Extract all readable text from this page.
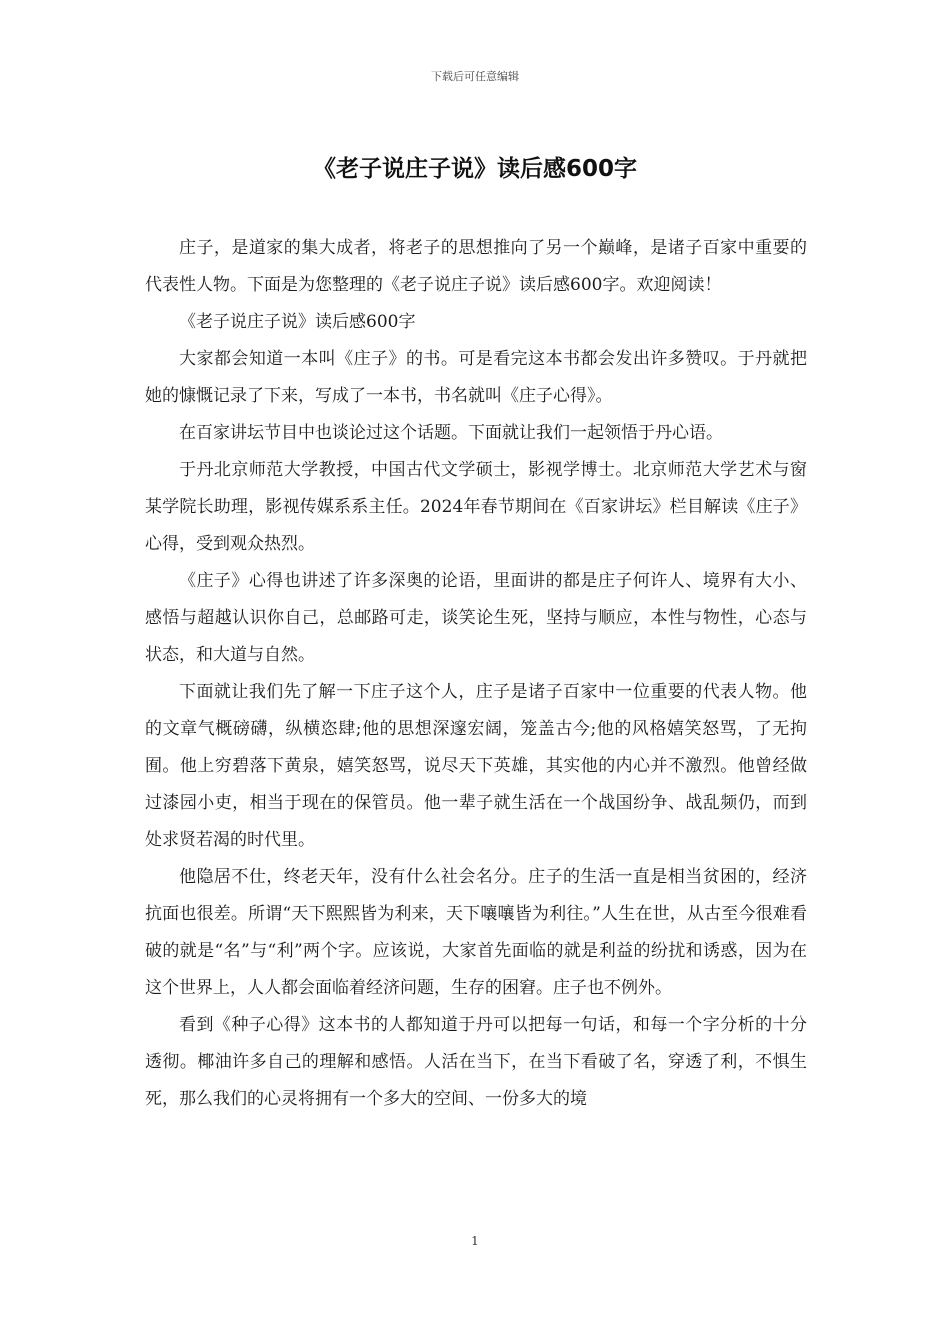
下载后可任意编辑
《老子说庄子说》读后感600字

庄子，是道家的集大成者，将老子的思想推向了另一个巅峰，是诸子百家中重要的代表性人物。下面是为您整理的《老子说庄子说》读后感600字。欢迎阅读！

《老子说庄子说》读后感600字

大家都会知道一本叫《庄子》的书。可是看完这本书都会发出许多赞叹。于丹就把她的慷慨记录了下来，写成了一本书，书名就叫《庄子心得》。

在百家讲坛节目中也谈论过这个话题。下面就让我们一起领悟于丹心语。

于丹北京师范大学教授，中国古代文学硕士，影视学博士。北京师范大学艺术与窗某学院长助理，影视传媒系系主任。2024年春节期间在《百家讲坛》栏目解读《庄子》心得，受到观众热烈。

《庄子》心得也讲述了许多深奥的论语，里面讲的都是庄子何许人、境界有大小、感悟与超越认识你自己，总邮路可走，谈笑论生死，坚持与顺应，本性与物性，心态与状态，和大道与自然。

下面就让我们先了解一下庄子这个人，庄子是诸子百家中一位重要的代表人物。他的文章气概磅礴，纵横恣肆;他的思想深邃宏阔，笼盖古今;他的风格嬉笑怒骂，了无拘囿。他上穷碧落下黄泉，嬉笑怒骂，说尽天下英雄，其实他的内心并不激烈。他曾经做过漆园小吏，相当于现在的保管员。他一辈子就生活在一个战国纷争、战乱频仍，而到处求贤若渴的时代里。

他隐居不仕，终老天年，没有什么社会名分。庄子的生活一直是相当贫困的，经济抗面也很差。所谓“天下熙熙皆为利来，天下嚷嚷皆为利往。”人生在世，从古至今很难看破的就是“名”与“利”两个字。应该说，大家首先面临的就是利益的纷扰和诱惑，因为在这个世界上，人人都会面临着经济问题，生存的困窘。庄子也不例外。

看到《种子心得》这本书的人都知道于丹可以把每一句话，和每一个字分析的十分透彻。椰油许多自己的理解和感悟。人活在当下，在当下看破了名，穿透了利，不惧生死，那么我们的心灵将拥有一个多大的空间、一份多大的境

1
